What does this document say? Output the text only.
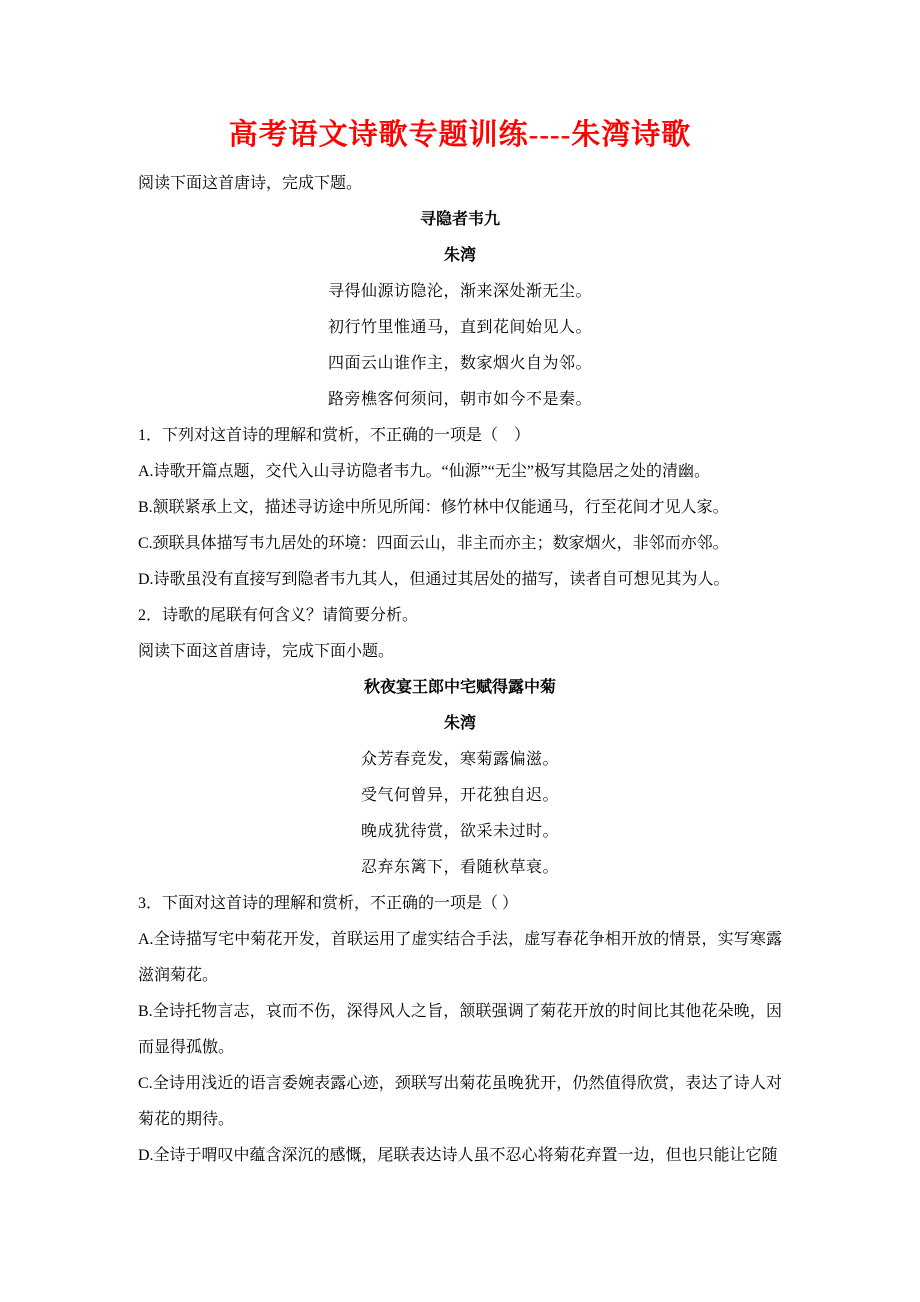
高考语文诗歌专题训练----朱湾诗歌

阅读下面这首唐诗，完成下题。

寻隐者韦九

朱湾

寻得仙源访隐沦，渐来深处渐无尘。

初行竹里惟通马，直到花间始见人。

四面云山谁作主，数家烟火自为邻。

路旁樵客何须问，朝市如今不是秦。

1．下列对这首诗的理解和赏析，不正确的一项是（　）

A.诗歌开篇点题，交代入山寻访隐者韦九。“仙源”“无尘”极写其隐居之处的清幽。

B.颔联紧承上文，描述寻访途中所见所闻：修竹林中仅能通马，行至花间才见人家。

C.颈联具体描写韦九居处的环境：四面云山，非主而亦主；数家烟火，非邻而亦邻。

D.诗歌虽没有直接写到隐者韦九其人，但通过其居处的描写，读者自可想见其为人。

2．诗歌的尾联有何含义？请简要分析。

阅读下面这首唐诗，完成下面小题。

秋夜宴王郎中宅赋得露中菊

朱湾

众芳春竞发，寒菊露偏滋。

受气何曾异，开花独自迟。

晚成犹待赏，欲采未过时。

忍弃东篱下，看随秋草衰。

3．下面对这首诗的理解和赏析，不正确的一项是（ ）

A.全诗描写宅中菊花开发，首联运用了虚实结合手法，虚写春花争相开放的情景，实写寒露滋润菊花。

B.全诗托物言志，哀而不伤，深得风人之旨，颔联强调了菊花开放的时间比其他花朵晚，因而显得孤傲。

C.全诗用浅近的语言委婉表露心迹，颈联写出菊花虽晚犹开，仍然值得欣赏，表达了诗人对菊花的期待。

D.全诗于喟叹中蕴含深沉的感慨，尾联表达诗人虽不忍心将菊花弃置一边，但也只能让它随
